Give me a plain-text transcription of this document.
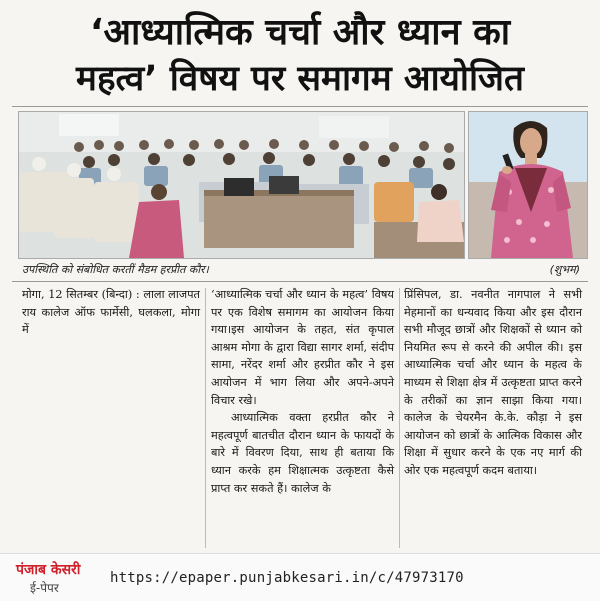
‘आध्यात्मिक चर्चा और ध्यान का
महत्व’ विषय पर समागम आयोजित
उपस्थिति को संबोधित करतीं मैडम हरप्रीत कौर।	(शुभम)

मोगा, 12 सितम्बर (बिन्दा) : लाला लाजपत राय कालेज ऑफ फार्मेसी, घलकला, मोगा में

‘आध्यात्मिक चर्चा और ध्यान के महत्व’ विषय पर एक विशेष समागम का आयोजन किया गया।इस आयोजन के तहत, संत कृपाल आश्रम मोगा के द्वारा विद्या सागर शर्मा, संदीप सामा, नरेंदर शर्मा और हरप्रीत कौर ने इस आयोजन में भाग लिया और अपने-अपने विचार रखे।

आध्यात्मिक वक्ता हरप्रीत कौर ने महत्वपूर्ण बातचीत दौरान ध्यान के फायदों के बारे में विवरण दिया, साथ ही बताया कि ध्यान करके हम शिक्षात्मक उत्कृष्टता कैसे प्राप्त कर सकते हैं। कालेज के

प्रिंसिपल, डा. नवनीत नागपाल ने सभी मेहमानों का धन्यवाद किया और इस दौरान सभी मौजूद छात्रों और शिक्षकों से ध्यान को नियमित रूप से करने की अपील की। इस आध्यात्मिक चर्चा और ध्यान के महत्व के माध्यम से शिक्षा क्षेत्र में उत्कृष्टता प्राप्त करने के तरीकों का ज्ञान साझा किया गया। कालेज के चेयरमैन के.के. कौड़ा ने इस आयोजन को छात्रों के आत्मिक विकास और शिक्षा में सुधार करने के एक नए मार्ग की ओर एक महत्वपूर्ण कदम बताया।

पंजाब केसरी
ई-पेपर
https://epaper.punjabkesari.in/c/47973170
